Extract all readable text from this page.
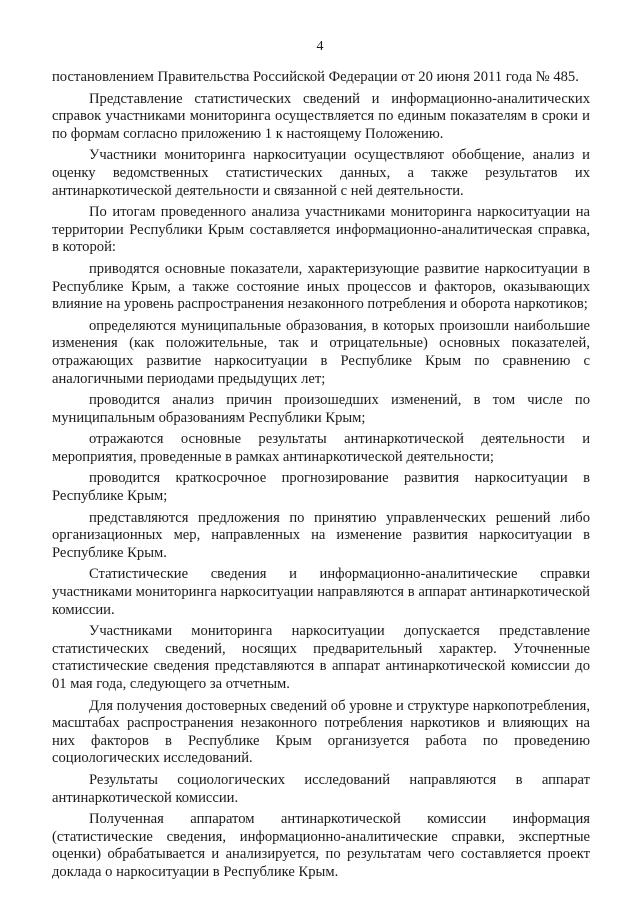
4

постановлением Правительства Российской Федерации от 20 июня 2011 года № 485.

Представление статистических сведений и информационно-аналитических справок участниками мониторинга осуществляется по единым показателям в сроки и по формам согласно приложению 1 к настоящему Положению.

Участники мониторинга наркоситуации осуществляют обобщение, анализ и оценку ведомственных статистических данных, а также результатов их антинаркотической деятельности и связанной с ней деятельности.

По итогам проведенного анализа участниками мониторинга наркоситуации на территории Республики Крым составляется информационно-аналитическая справка, в которой:

приводятся основные показатели, характеризующие развитие наркоситуации в Республике Крым, а также состояние иных процессов и факторов, оказывающих влияние на уровень распространения незаконного потребления и оборота наркотиков;

определяются муниципальные образования, в которых произошли наибольшие изменения (как положительные, так и отрицательные) основных показателей, отражающих развитие наркоситуации в Республике Крым по сравнению с аналогичными периодами предыдущих лет;

проводится анализ причин произошедших изменений, в том числе по муниципальным образованиям Республики Крым;

отражаются основные результаты антинаркотической деятельности и мероприятия, проведенные в рамках антинаркотической деятельности;

проводится краткосрочное прогнозирование развития наркоситуации в Республике Крым;

представляются предложения по принятию управленческих решений либо организационных мер, направленных на изменение развития наркоситуации в Республике Крым.

Статистические сведения и информационно-аналитические справки участниками мониторинга наркоситуации направляются в аппарат антинаркотической комиссии.

Участниками мониторинга наркоситуации допускается представление статистических сведений, носящих предварительный характер. Уточненные статистические сведения представляются в аппарат антинаркотической комиссии до 01 мая года, следующего за отчетным.

Для получения достоверных сведений об уровне и структуре наркопотребления, масштабах распространения незаконного потребления наркотиков и влияющих на них факторов в Республике Крым организуется работа по проведению социологических исследований.

Результаты социологических исследований направляются в аппарат антинаркотической комиссии.

Полученная аппаратом антинаркотической комиссии информация (статистические сведения, информационно-аналитические справки, экспертные оценки) обрабатывается и анализируется, по результатам чего составляется проект доклада о наркоситуации в Республике Крым.
